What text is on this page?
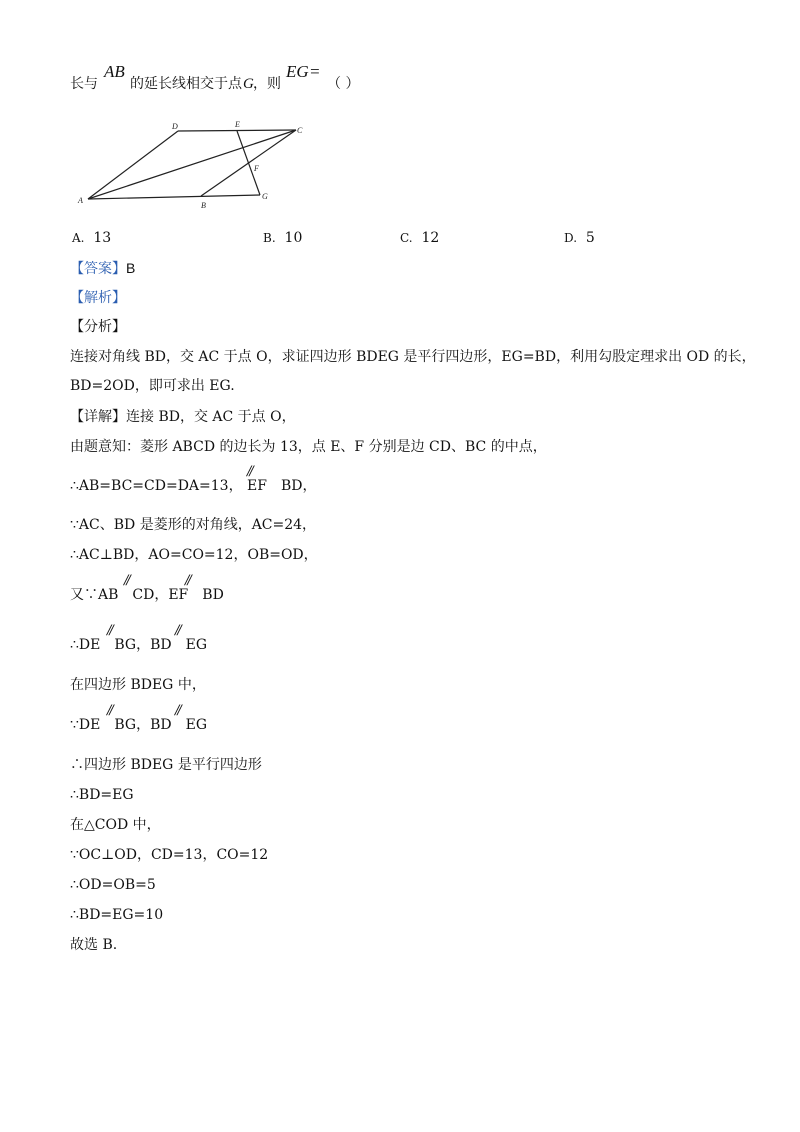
长与
AB
的延长线相交于点 G ，则
EG =
（ ）
A
D	E
C
F
B
G
A. 13	B. 10	C. 12	D. 5
【答案】B
【解析】
【分析】
连接对角线 BD，交 AC 于点 O，求证四边形 BDEG 是平行四边形，EG=BD，利用勾股定理求出 OD 的长，
BD=2OD，即可求出 EG.
【详解】连接 BD，交 AC 于点 O，
由题意知：菱形 ABCD 的边长为 13，点 E、F 分别是边 CD、BC 的中点，
∴AB=BC=CD=DA=13， EF BD，
//
∵AC、BD 是菱形的对角线，AC=24，
∴AC⊥BD，AO=CO=12，OB=OD，
又∵AB CD，EF BD
//	//
∴DE BG，BD EG
//	//
在四边形 BDEG 中，
∵DE BG，BD EG
//	//
∴四边形 BDEG 是平行四边形
∴BD=EG
在△COD 中，
∵OC⊥OD，CD=13，CO=12
∴OD=OB=5
∴BD=EG=10
故选 B.
